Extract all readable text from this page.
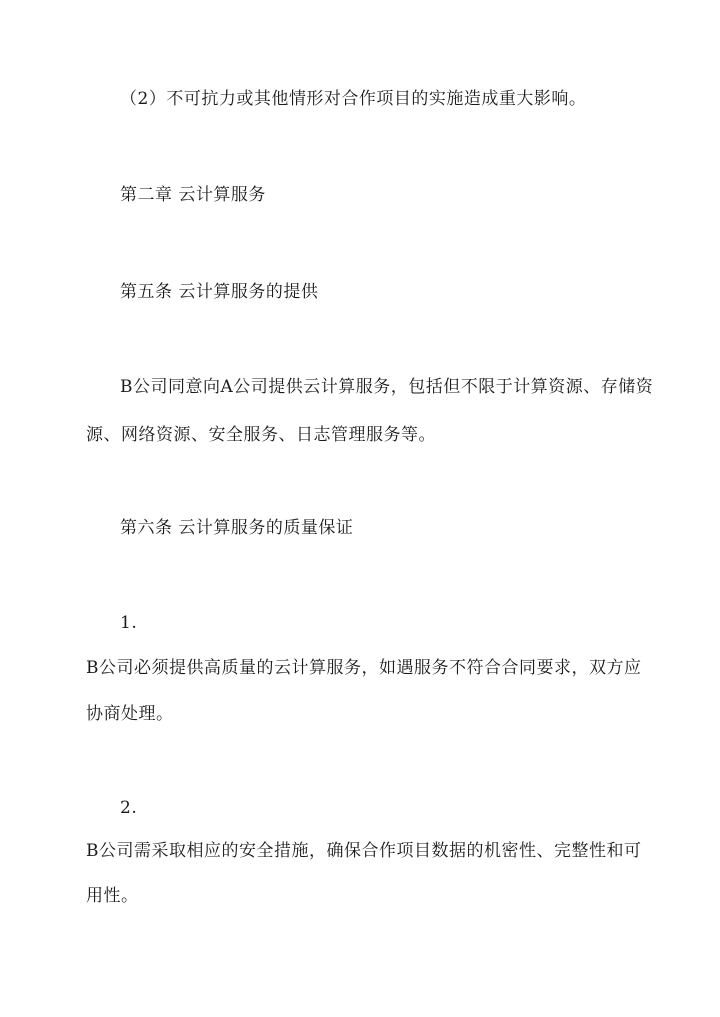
（2）不可抗力或其他情形对合作项目的实施造成重大影响。
第二章 云计算服务
第五条 云计算服务的提供
B公司同意向A公司提供云计算服务，包括但不限于计算资源、存储资
源、网络资源、安全服务、日志管理服务等。
第六条 云计算服务的质量保证
1.
B公司必须提供高质量的云计算服务，如遇服务不符合合同要求，双方应
协商处理。
2.
B公司需采取相应的安全措施，确保合作项目数据的机密性、完整性和可
用性。
